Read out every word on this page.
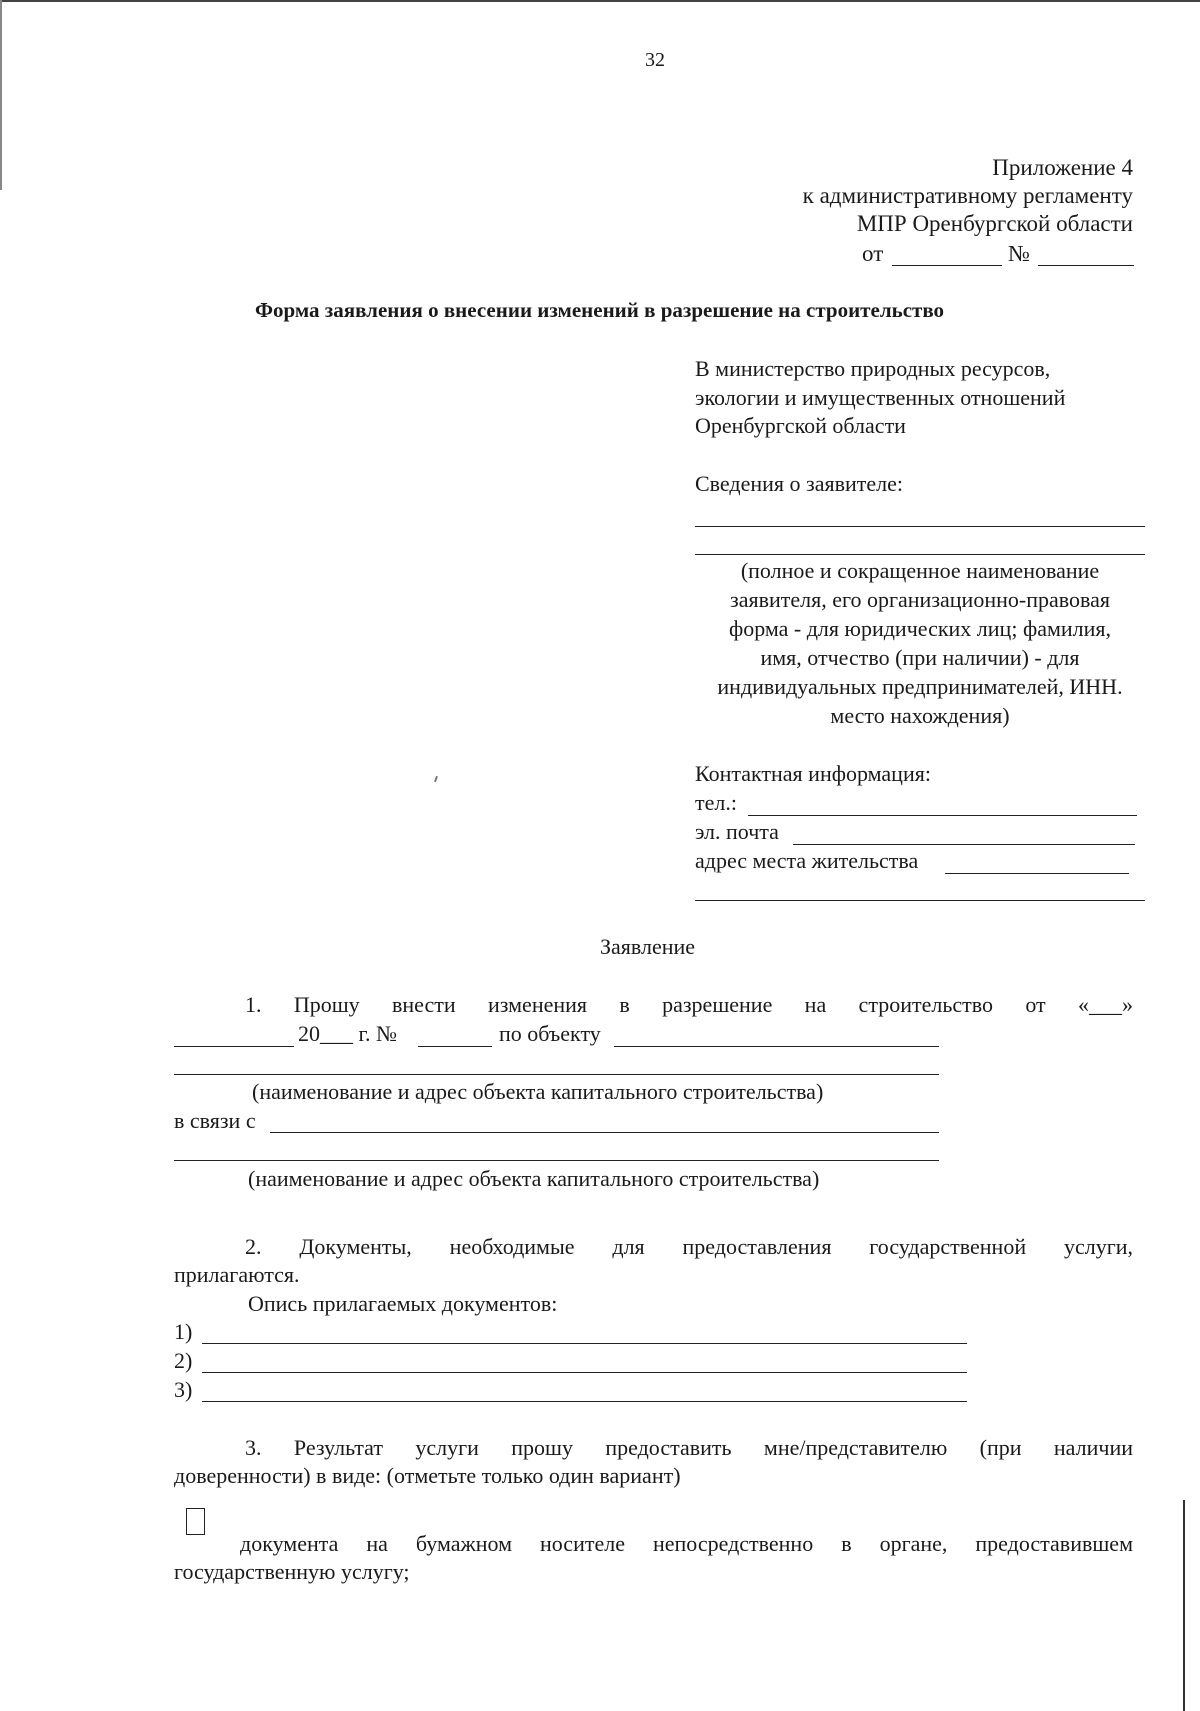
32
Приложение 4
к административному регламенту
МПР Оренбургской области
от	№
Форма заявления о внесении изменений в разрешение на строительство
В министерство природных ресурсов,
экологии и имущественных отношений
Оренбургской области
Сведения о заявителе:
(полное и сокращенное наименование
заявителя, его организационно-правовая
форма - для юридических лиц; фамилия,
имя, отчество (при наличии) - для
индивидуальных предпринимателей, ИНН.
место нахождения)
Контактная информация:
тел.:
эл. почта
адрес места жительства
Заявление
1.  Прошу  внести  изменения  в  разрешение  на  строительство  от  «___»
20___ г. №	по объекту
(наименование и адрес объекта капитального строительства)
в связи с
(наименование и адрес объекта капитального строительства)
2.  Документы,  необходимые  для  предоставления  государственной  услуги,
прилагаются.
Опись прилагаемых документов:
1)
2)
3)
3.  Результат  услуги  прошу  предоставить  мне/представителю  (при  наличии
доверенности) в виде: (отметьте только один вариант)
документа  на  бумажном  носителе  непосредственно  в  органе,  предоставившем
государственную услугу;
